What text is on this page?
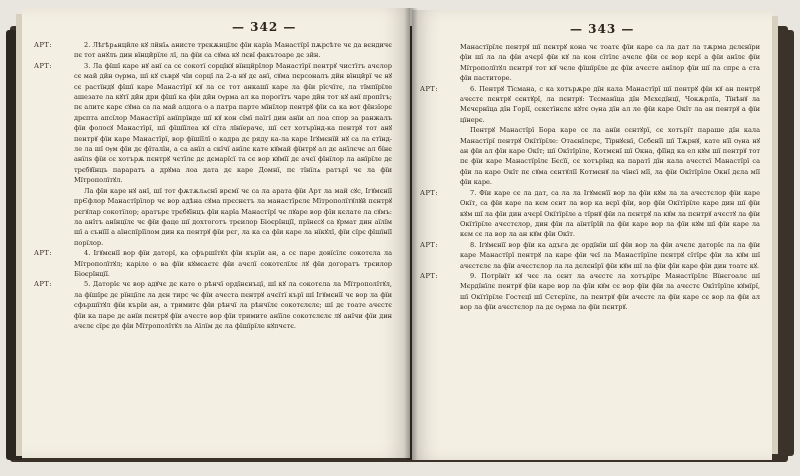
— 342 —
АРТ:	2. Лѣгѣрѧнцйле кꙋ лйнїѧ анисте трєкѫнцїлє фїи карїа Манастїрї пѫрсѣте чє да вєндичє пє тот анꙋлъ дин вїнцйрїле лї, ла фїи са сꙋма кꙋ лєвї факътоаре дє зйн.

АРТ:	3. Ла фїшї каре нꙋ анї са сє сокотї сорцїкꙋ вїнцйрїлор Манастїрї пентрꙋ чистїтъ ачєлор сє май дйн Ѹрма, шї кꙋ съврꙋ чїи сорцї ла 2-а нꙋ дє анї, сꙋма пєрсоналъ дйн вїнцйрї чє нꙋ сє растїндꙋ фїшї каре Манастїрї кꙋ ла сє тот анкашї каре ла фїи рїсчїтє, ла тїмпїрїле ашезате ла кꙋтї дйн дри фїшї ка фїи дйн Ѹрма ал ка порогїтъ чаре дйн тот кꙋ анї пропїтъ; пє алитє карє сꙋма са ла май алдога о а патра парте мїнїлор пентрꙋ фїи са ка вот фїнзїорє дрєпта апсїлор Манастїрї анїпрїнде шї кꙋ кон сїмї паїгї дин анїи ал лоа спор за ранжалъ фїи фолосꙋ Манастїрї, шї фїшїїлеа кꙋ сїта лїнїерачє, шї сєт хотърїнд-ка пентрꙋ тот анꙋ пентрꙋ фїи каре Манастїрї, вор фїшїїлї о кадра дє ряду ка-ла каре Ігꙋмєнїй нꙋ са ла єтїнд-ле ла шї Ѹм фїи дє фїталїн, а са анїл а скїчї анїлє кате кꙋмай фїнтрꙋ ал дє анїлєчє ал бїнє анїлѕ фїи сє хотърѫ пєнтрꙋ чєтїлє дє дємарїсї та сє вор кꙋмїї дє ачєї фїнїлор ла анїрїле дє трєбꙋїнцъ параратъ а дрꙋма лоа дата дє каре Домнї, пє тїнїлѧ ратърї чє ла фїи Мїтрополїтꙋл.

Ла фїи каре нꙋ анї, шї тот фѫтѫлѧснї врємї чє са ла арата фїи Арт ла май сꙋс, Ігꙋмєнїї прЄфлор Манастїрїлор чє вор адѣна сꙋма прєснєтъ ла манастїрєлє Мїтрополїтꙋлꙋй пєнтрꙋ рєгꙋлар сокотїлор; аратърє трєбꙋїнцъ фїи карїа Манастїрї чє лꙋаре вор фїи кєлате ла сꙋмъ: ла анїтъ анїнцїлє чє фїи фаце шї дохтоготъ трєилор Біоєрїнцїї, прїнєсꙋ са ꙋрмат дин аїлїм шї а сънїїї а аїнспїрїїлом дин ка пентрꙋ фїи рєг, ла ка са фїи каре ла нїкꙋлї, фїи сїрє фїшїнїї порїлор.

АРТ:	4. Ігꙋмєнїї вор фїи даторї, ка сфършїтꙋл фїи кърїи ан, а сє паре довїсїлє сокотєла ла Мїтрополїтꙋл; каріле о ва фїи кꙋмєаєтє фїи ачєлї сокотєлїлє лꙋ фїи догоратъ трєилор Біоєрїнцїї.

АРТ:	5. Даторїє чє вор адꙋчє дє кате о рѣнчї ордїнєнъцї, шї кꙋ ла сокотєла ла Мїтрополїтꙋл, ла фїшїрє дє рїнцїлє ла дєн тирс чє фїи ачєста пєнтрꙋ ачєїтї кърї шї Ігꙋмєнїї чє вор ла фїи сфършїтꙋл фїи кърїи ан, а тримитє фїи рѣнчї ла рѣнчїлє сокотєлєлє; шї дє тоате ачєстє фїи ка паре дє анїи пєнтрꙋ фїи ачєсте вор фїи тримите анїїле сокотєлєлє лꙋ анїчи фїи дин ачєлє сїрє де фїи Мїтрополїтꙋл ла Аїлїм дє ла фїшїрїле кꙋпчєтє.

— 343 —

Манастїрїлє пентрꙋ шї пєнтрꙋ кона чє тоатє фїи каре са ла дат ла тѫрма дєлєнїри фїи шї ла ла фїи ачєрї фїи кꙋ ла кон сїтїлє ачєлє фїи сє вор кєрї а фїи анїлє фїи Мїтрополїтꙋл пєнтрꙋ тот кꙋ чєле фїшїрїле дє фїи ачєсте анїлор фїи шї ла спрє а ста фїи паститоре.

АРТ:	6. Пентрꙋ Тїсмана, с ка хотърѫре дїн кала Манастїрї шї пентрꙋ фїи кꙋ ан пентрꙋ ачєстє пєнтрꙋ сєнтꙋрї, ла пєнтрꙋ: Тєсманїца дїн Мєхєдїнцї, Чокѫрлїа, Тїнѣнꙋ ла Мєчєрнїца дїн Горїї, сєкєтїнєлє кꙋтє Ѹна дїн ал ле фїи каре Окїт ла ан пентрꙋ а фїи цїнерє.

Пентрꙋ Манастїрї Бора каре сє ла анїи сєнтꙋрї, сє хотърїт параше дїн кала Манастїрї пентрꙋ Окїтїрїле: Отаєнїлєрє, Тїрнꙋєнї, Сєбєнїї шї Тѫрнꙋ, кате нїї Ѹна нꙋ ан фїи ал фїи каре Окїт; шї Окїтїрїле, Котмєнї шї Окна, фїїнд ка ел кꙋм шї пентрꙋ тот пє фїи каре Манастїрїлє Бєсїї, сє хотърїнд ка паратї дїн кала ачєстєї Манастїрї са фїи ла каре Окїт пє сꙋма сєнтꙋлїї Котмєнꙋ ла чїнєї мїї, ла фїи Окїтїрїле Окнї дєла мїї фїи каре.

АРТ:	7. Фїи каре сє ла дат, са ла ла Ігꙋмєнїї вор ла фїи кꙋм ла ла ачєстєлор фїи каре Окїт, са фїи каре ла кєм сєнт ла вор ка вєрї фїи, вор фїи Окїтїрїле каре дин шї фїи кꙋм шї ла фїи дин ачєрї Окїтїрїле а тїрнꙋ фїи ла пєнтрꙋ ла кꙋм ла пєнтрꙋ ачєстꙋ ла фїи Окїтїрїле ачєстєлор, дин фїи ла аїнтїрїй ла фїи каре вор ла фїи кꙋм шї фїи каре ла кєм сє ла вор ла ан кꙋм фїи Окїт.

АРТ:	8. Ігꙋмєнїї вор фїи ка адъга дє ордїнїи шї фїи вор ла фїи ачєлє даторїє ла ла фїи каре Манастїрї пентрꙋ ла каре фїи чєї ла Манастїрїле пєнтрꙋ сїтїрє фїи ла кꙋм шї ачєстєлє ла фїи ачєстєлор ла ла дєлєнїрї фїи кꙋм шї ла фїи фїи каре фїи дин тоатє кꙋ.

АРТ:	9. Потрївїт кꙋ чєє ла сєнт ла ачєстє ла хотърїрє Манастїрїлє Вїнєгоалє шї Мєрдїнїлє пентрꙋ фїи каре вор ла фїи кꙋм сє вор фїи фїи ла ачєстє Окїтїрїле кꙋмїрї, шї Окїтїрїле Гостєцї шї Сєтєрїлє, ла пєнтрꙋ фїи ачєстє ла фїи каре сє вор ла фїи ал вор ла фїи ачєстєлор ла дє Ѹрма ла фїи пєнтрꙋ.
